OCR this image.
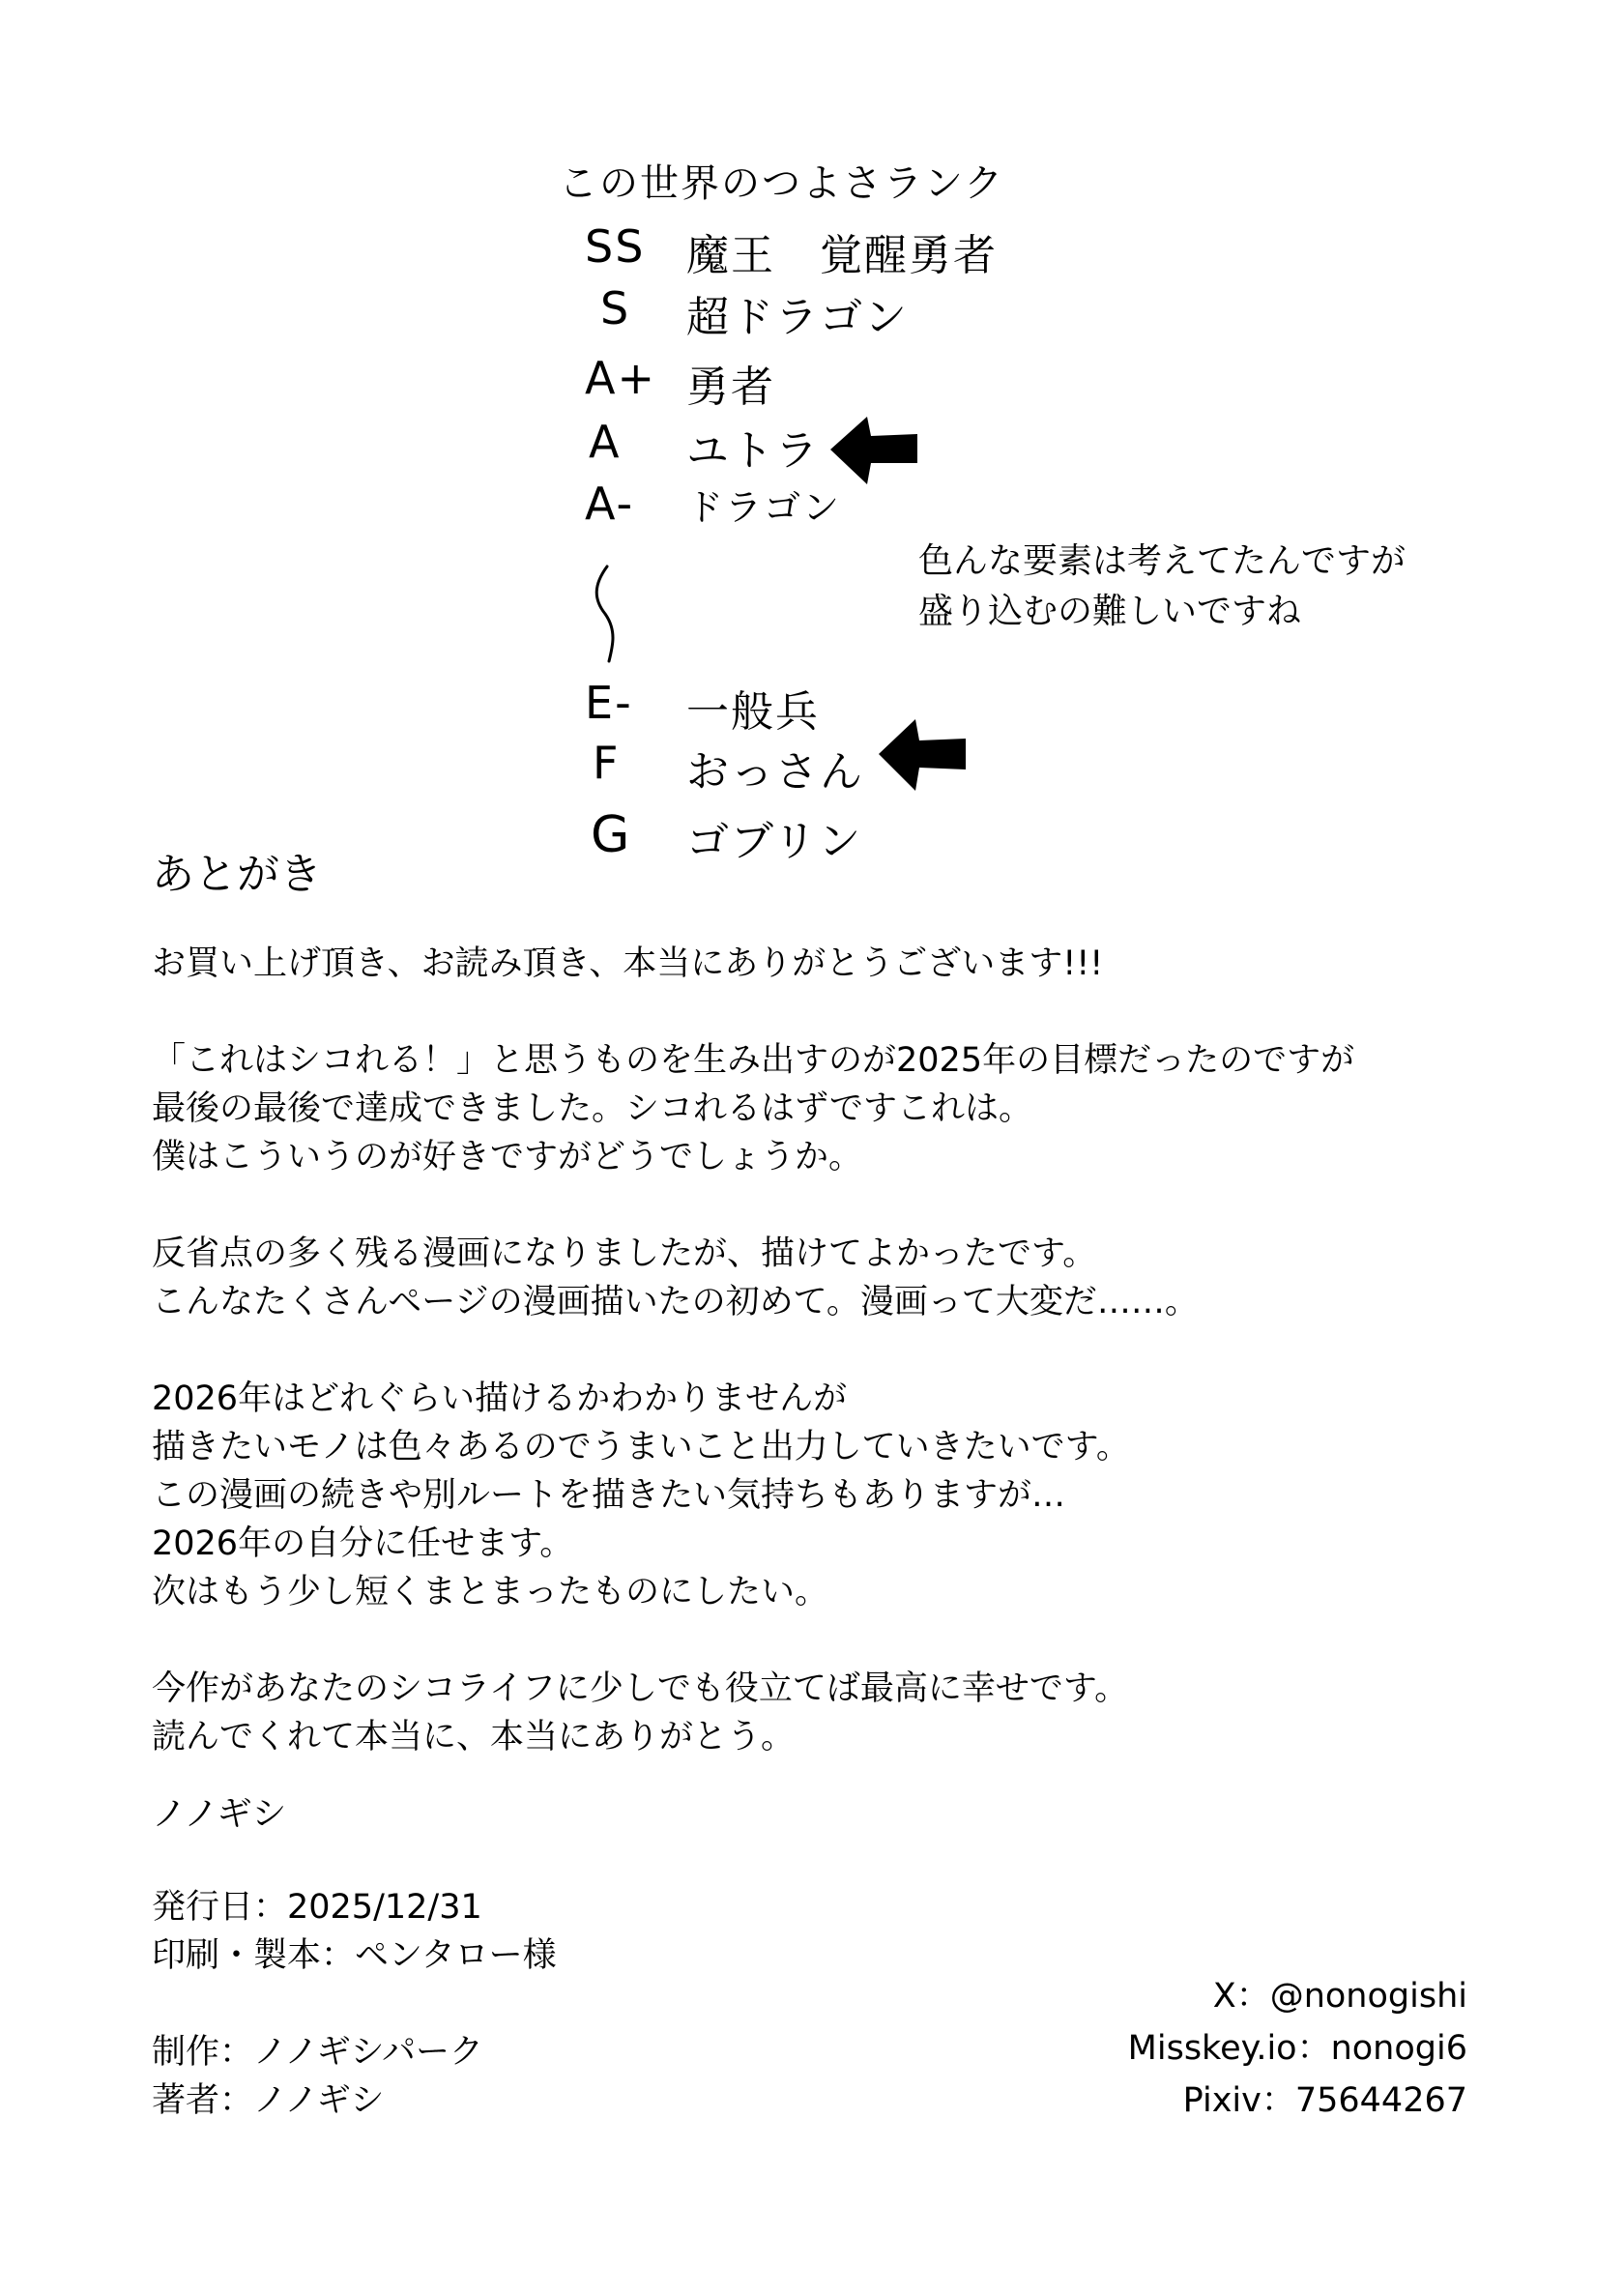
この世界のつよさランク
SS 魔王　覚醒勇者
S 超ドラゴン
A+ 勇者
A ユトラ
A- ドラゴン
E- 一般兵
F おっさん
G ゴブリン
色んな要素は考えてたんですが
盛り込むの難しいですね
あとがき
お買い上げ頂き、お読み頂き、本当にありがとうございます!!!
「これはシコれる！」と思うものを生み出すのが2025年の目標だったのですが
最後の最後で達成できました。シコれるはずですこれは。
僕はこういうのが好きですがどうでしょうか。
反省点の多く残る漫画になりましたが、描けてよかったです。
こんなたくさんページの漫画描いたの初めて。漫画って大変だ……。
2026年はどれぐらい描けるかわかりませんが
描きたいモノは色々あるのでうまいこと出力していきたいです。
この漫画の続きや別ルートを描きたい気持ちもありますが…
2026年の自分に任せます。
次はもう少し短くまとまったものにしたい。
今作があなたのシコライフに少しでも役立てば最高に幸せです。
読んでくれて本当に、本当にありがとう。
ノノギシ
発行日：2025/12/31
印刷・製本：ペンタロー様
制作：ノノギシパーク
著者：ノノギシ
X：@nonogishi
Misskey.io：nonogi6
Pixiv：75644267
